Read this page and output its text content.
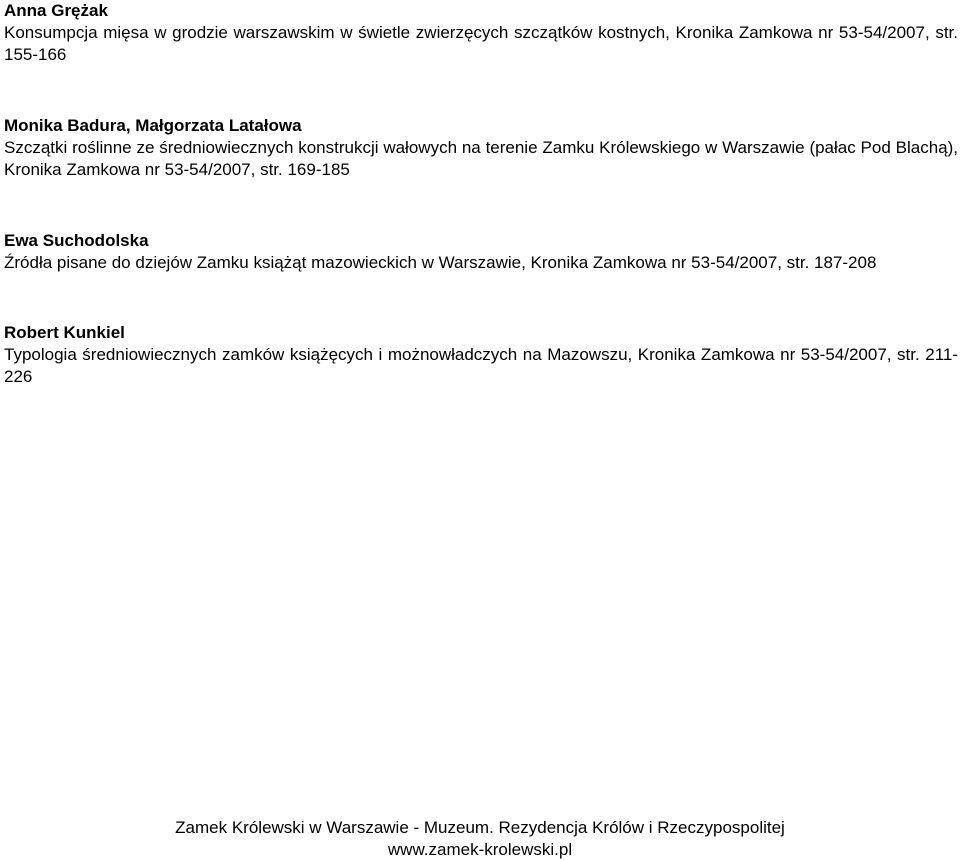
Anna Grężak
Konsumpcja mięsa w grodzie warszawskim w świetle zwierzęcych szczątków kostnych, Kronika Zamkowa nr 53-54/2007, str. 155-166
Monika Badura, Małgorzata Latałowa
Szczątki roślinne ze średniowiecznych konstrukcji wałowych na terenie Zamku Królewskiego w Warszawie (pałac Pod Blachą), Kronika Zamkowa nr 53-54/2007, str. 169-185
Ewa Suchodolska
Źródła pisane do dziejów Zamku książąt mazowieckich w Warszawie, Kronika Zamkowa nr 53-54/2007, str. 187-208
Robert Kunkiel
Typologia średniowiecznych zamków książęcych i możnowładczych na Mazowszu, Kronika Zamkowa nr 53-54/2007, str. 211-226
Zamek Królewski w Warszawie - Muzeum. Rezydencja Królów i Rzeczypospolitej
www.zamek-krolewski.pl
